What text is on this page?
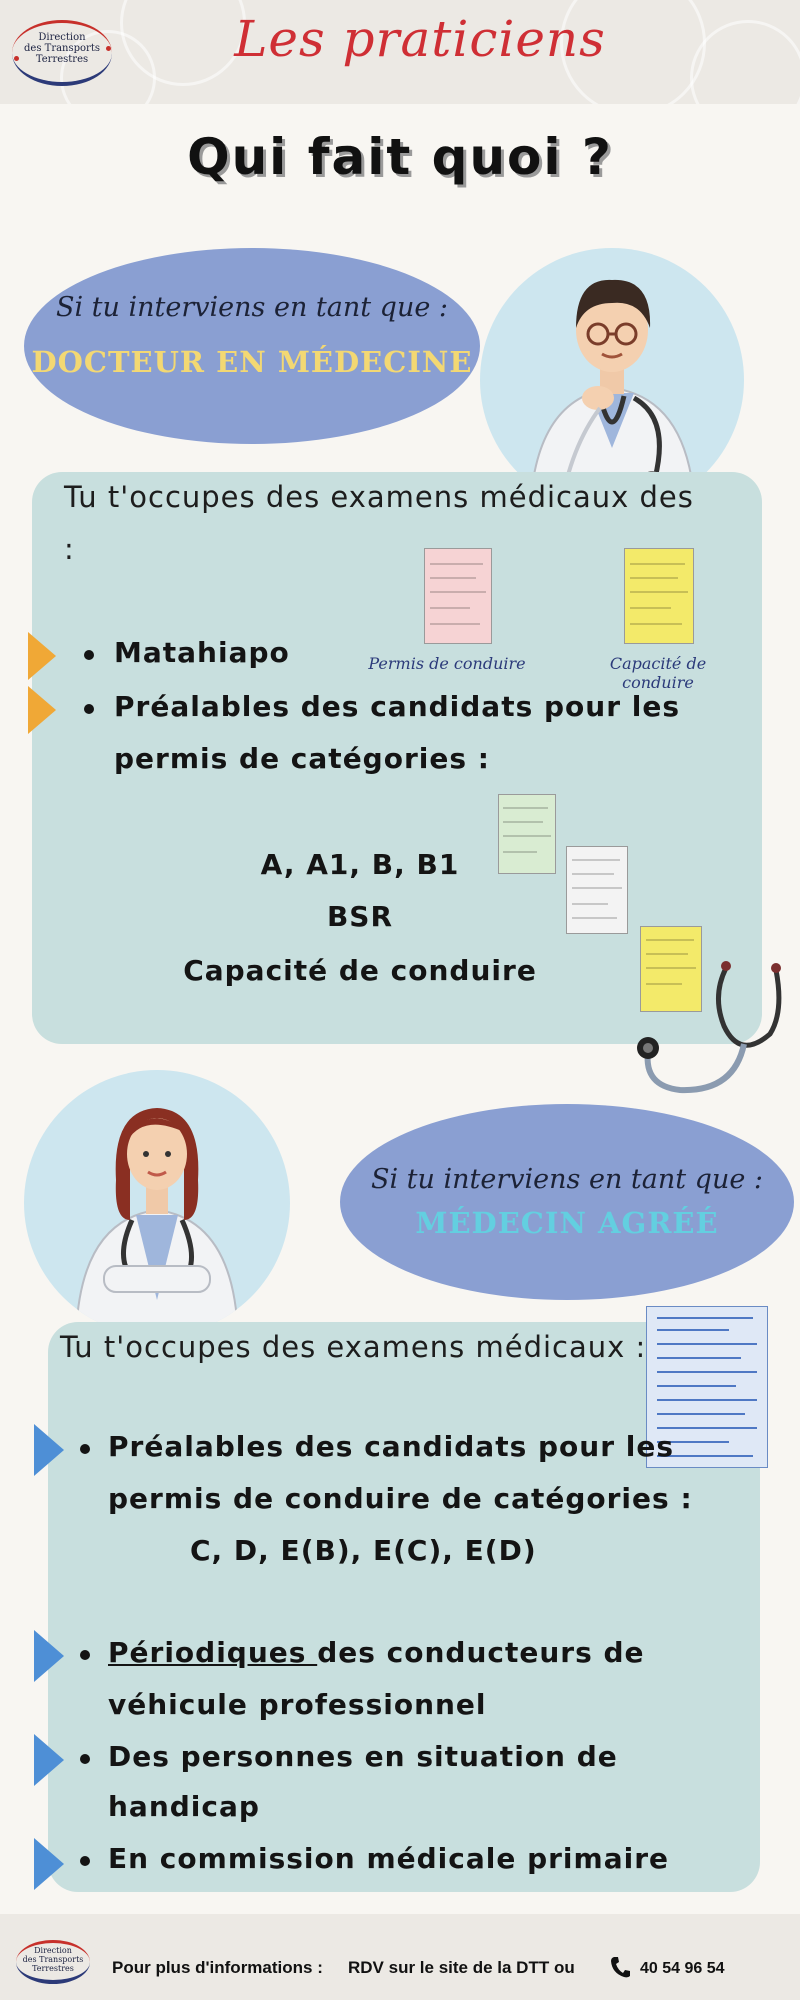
Direction
des Transports
Terrestres	Les praticiens
Qui fait quoi ?
Si tu interviens en tant que :
DOCTEUR EN MÉDECINE
Tu t'occupes des examens médicaux des
:
Permis de conduire	Capacité de conduire
Matahiapo
Préalables des candidats pour les
permis de catégories :
A, A1, B, B1
BSR
Capacité de conduire
Si tu interviens en tant que :
MÉDECIN AGRÉÉ
Tu t'occupes des examens médicaux :
Préalables des candidats pour les
permis de conduire de catégories :
C, D, E(B), E(C), E(D)
Périodiques des conducteurs de
véhicule professionnel
Des personnes en situation de
handicap
En commission médicale primaire
Direction
des Transports
Terrestres	Pour plus d'informations : RDV sur le site de la DTT ou	40 54 96 54
